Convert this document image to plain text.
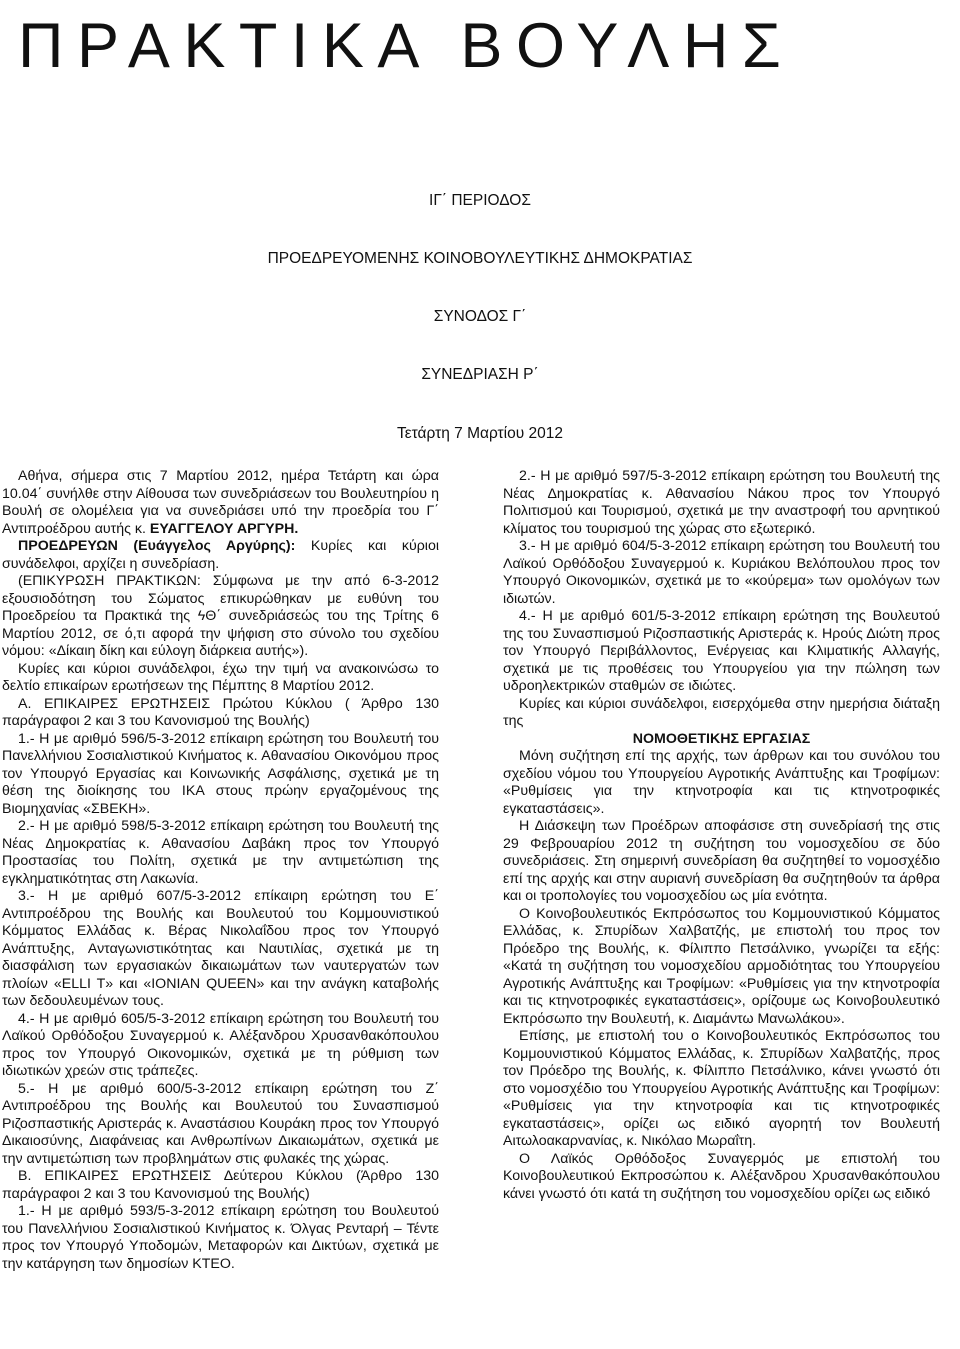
ΠΡΑΚΤΙΚΑ ΒΟΥΛΗΣ
ΙΓ΄ ΠΕΡΙΟΔΟΣ
ΠΡΟΕΔΡΕΥΟΜΕΝΗΣ ΚΟΙΝΟΒΟΥΛΕΥΤΙΚΗΣ ΔΗΜΟΚΡΑΤΙΑΣ
ΣΥΝΟΔΟΣ Γ΄
ΣΥΝΕΔΡΙΑΣΗ Ρ΄
Τετάρτη 7 Μαρτίου 2012

Αθήνα, σήμερα στις 7 Μαρτίου 2012, ημέρα Τετάρτη και ώρα 10.04΄ συνήλθε στην Αίθουσα των συνεδριάσεων του Βουλευτηρίου η Βουλή σε ολομέλεια για να συνεδριάσει υπό την προεδρία του Γ΄ Αντιπροέδρου αυτής κ. ΕΥΑΓΓΕΛΟΥ ΑΡΓΥΡΗ.

ΠΡΟΕΔΡΕΥΩΝ (Ευάγγελος Αργύρης): Κυρίες και κύριοι συνάδελφοι, αρχίζει η συνεδρίαση.

(ΕΠΙΚΥΡΩΣΗ ΠΡΑΚΤΙΚΩΝ: Σύμφωνα με την από 6-3-2012 εξουσιοδότηση του Σώματος επικυρώθηκαν με ευθύνη του Προεδρείου τα Πρακτικά της ϟΘ΄ συνεδριάσεώς του της Τρίτης 6 Μαρτίου 2012, σε ό,τι αφορά την ψήφιση στο σύνολο του σχεδίου νόμου: «Δίκαιη δίκη και εύλογη διάρκεια αυτής»).

Κυρίες και κύριοι συνάδελφοι, έχω την τιμή να ανακοινώσω το δελτίο επικαίρων ερωτήσεων της Πέμπτης 8 Μαρτίου 2012.

Α. ΕΠΙΚΑΙΡΕΣ ΕΡΩΤΗΣΕΙΣ Πρώτου Κύκλου ( Άρθρο 130 παράγραφοι 2 και 3 του Κανονισμού της Βουλής)

1.- Η με αριθμό 596/5-3-2012 επίκαιρη ερώτηση του Βουλευτή του Πανελλήνιου Σοσιαλιστικού Κινήματος κ. Αθανασίου Οικονόμου προς τον Υπουργό Εργασίας και Κοινωνικής Ασφάλισης, σχετικά με τη θέση της διοίκησης του ΙΚΑ στους πρώην εργαζομένους της Βιομηχανίας «ΣΒΕΚΗ».

2.- Η με αριθμό 598/5-3-2012 επίκαιρη ερώτηση του Βουλευτή της Νέας Δημοκρατίας κ. Αθανασίου Δαβάκη προς τον Υπουργό Προστασίας του Πολίτη, σχετικά με την αντιμετώπιση της εγκληματικότητας στη Λακωνία.

3.- Η με αριθμό 607/5-3-2012 επίκαιρη ερώτηση του Ε΄ Αντιπροέδρου της Βουλής και Βουλευτού του Κομμουνιστικού Κόμματος Ελλάδας κ. Βέρας Νικολαΐδου προς τον Υπουργό Ανάπτυξης, Ανταγωνιστικότητας και Ναυτιλίας, σχετικά με τη διασφάλιση των εργασιακών δικαιωμάτων των ναυτεργατών των πλοίων «ELLI T» και «IONIAN QUEEN» και την ανάγκη καταβολής των δεδουλευμένων τους.

4.- Η με αριθμό 605/5-3-2012 επίκαιρη ερώτηση του Βουλευτή του Λαϊκού Ορθόδοξου Συναγερμού κ. Αλέξανδρου Χρυσανθακόπουλου προς τον Υπουργό Οικονομικών, σχετικά με τη ρύθμιση των ιδιωτικών χρεών στις τράπεζες.

5.- Η με αριθμό 600/5-3-2012 επίκαιρη ερώτηση του Ζ΄ Αντιπροέδρου της Βουλής και Βουλευτού του Συνασπισμού Ριζοσπαστικής Αριστεράς κ. Αναστάσιου Κουράκη προς τον Υπουργό Δικαιοσύνης, Διαφάνειας και Ανθρωπίνων Δικαιωμάτων, σχετικά με την αντιμετώπιση των προβλημάτων στις φυλακές της χώρας.

Β. ΕΠΙΚΑΙΡΕΣ ΕΡΩΤΗΣΕΙΣ Δεύτερου Κύκλου (Άρθρο 130 παράγραφοι 2 και 3 του Κανονισμού της Βουλής)

1.- Η με αριθμό 593/5-3-2012 επίκαιρη ερώτηση του Βουλευτού του Πανελλήνιου Σοσιαλιστικού Κινήματος κ. Όλγας Ρενταρή – Τέντε προς τον Υπουργό Υποδομών, Μεταφορών και Δικτύων, σχετικά με την κατάργηση των δημοσίων ΚΤΕΟ.

2.- Η με αριθμό 597/5-3-2012 επίκαιρη ερώτηση του Βουλευτή της Νέας Δημοκρατίας κ. Αθανασίου Νάκου προς τον Υπουργό Πολιτισμού και Τουρισμού, σχετικά με την αναστροφή του αρνητικού κλίματος του τουρισμού της χώρας στο εξωτερικό.

3.- Η με αριθμό 604/5-3-2012 επίκαιρη ερώτηση του Βουλευτή του Λαϊκού Ορθόδοξου Συναγερμού κ. Κυριάκου Βελόπουλου προς τον Υπουργό Οικονομικών, σχετικά με το «κούρεμα» των ομολόγων των ιδιωτών.

4.- Η με αριθμό 601/5-3-2012 επίκαιρη ερώτηση της Βουλευτού της του Συνασπισμού Ριζοσπαστικής Αριστεράς κ. Ηρούς Διώτη προς τον Υπουργό Περιβάλλοντος, Ενέργειας και Κλιματικής Αλλαγής, σχετικά με τις προθέσεις του Υπουργείου για την πώληση των υδροηλεκτρικών σταθμών σε ιδιώτες.

Κυρίες και κύριοι συνάδελφοι, εισερχόμεθα στην ημερήσια διάταξη της

ΝΟΜΟΘΕΤΙΚΗΣ ΕΡΓΑΣΙΑΣ

Μόνη συζήτηση επί της αρχής, των άρθρων και του συνόλου του σχεδίου νόμου του Υπουργείου Αγροτικής Ανάπτυξης και Τροφίμων: «Ρυθμίσεις για την κτηνοτροφία και τις κτηνοτροφικές εγκαταστάσεις».

Η Διάσκεψη των Προέδρων αποφάσισε στη συνεδρίασή της στις 29 Φεβρουαρίου 2012 τη συζήτηση του νομοσχεδίου σε δύο συνεδριάσεις. Στη σημερινή συνεδρίαση θα συζητηθεί το νομοσχέδιο επί της αρχής και στην αυριανή συνεδρίαση θα συζητηθούν τα άρθρα και οι τροπολογίες του νομοσχεδίου ως μία ενότητα.

Ο Κοινοβουλευτικός Εκπρόσωπος του Κομμουνιστικού Κόμματος Ελλάδας, κ. Σπυρίδων Χαλβατζής, με επιστολή του προς τον Πρόεδρο της Βουλής, κ. Φίλιππο Πετσάλνικο, γνωρίζει τα εξής: «Κατά τη συζήτηση του νομοσχεδίου αρμοδιότητας του Υπουργείου Αγροτικής Ανάπτυξης και Τροφίμων: «Ρυθμίσεις για την κτηνοτροφία και τις κτηνοτροφικές εγκαταστάσεις», ορίζουμε ως Κοινοβουλευτικό Εκπρόσωπο την Βουλευτή, κ. Διαμάντω Μανωλάκου».

Επίσης, με επιστολή του ο Κοινοβουλευτικός Εκπρόσωπος του Κομμουνιστικού Κόμματος Ελλάδας, κ. Σπυρίδων Χαλβατζής, προς τον Πρόεδρο της Βουλής, κ. Φίλιππο Πετσάλνικο, κάνει γνωστό ότι στο νομοσχέδιο του Υπουργείου Αγροτικής Ανάπτυξης και Τροφίμων: «Ρυθμίσεις για την κτηνοτροφία και τις κτηνοτροφικές εγκαταστάσεις», ορίζει ως ειδικό αγορητή τον Βουλευτή Αιτωλοακαρνανίας, κ. Νικόλαο Μωραΐτη.

Ο Λαϊκός Ορθόδοξος Συναγερμός με επιστολή του Κοινοβουλευτικού Εκπροσώπου κ. Αλέξανδρου Χρυσανθακόπουλου κάνει γνωστό ότι κατά τη συζήτηση του νομοσχεδίου ορίζει ως ειδικό
